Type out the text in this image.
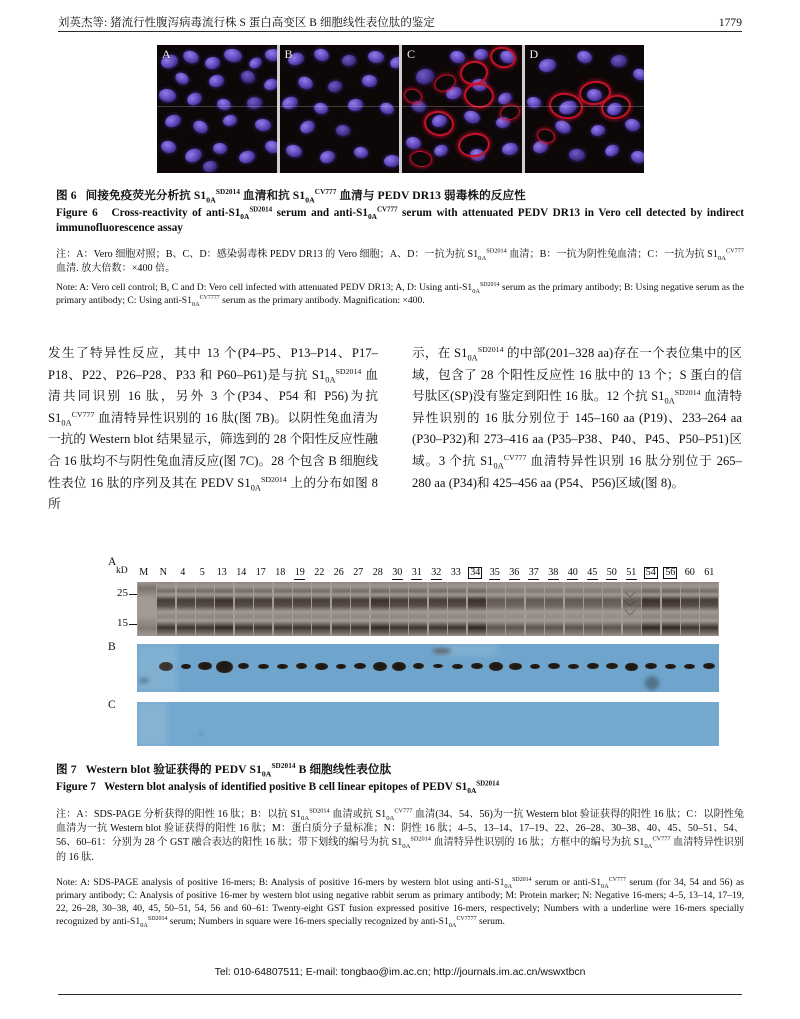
刘英杰等: 猪流行性腹泻病毒流行株 S 蛋白高变区 B 细胞线性表位肽的鉴定	1779
A	B	C	D
图 6 间接免疫荧光分析抗 $S1_{0A}^{SD2014}$ 血清和抗 $S1_{0A}^{CV777}$ 血清与 PEDV DR13 弱毒株的反应性
Figure 6 Cross-reactivity of anti-$S1_{0A}^{SD2014}$ serum and anti-$S1_{0A}^{CV777}$ serum with attenuated PEDV DR13 in Vero cell detected by indirect immunofluorescence assay
注：A：Vero 细胞对照；B、C、D：感染弱毒株 PEDV DR13 的 Vero 细胞；A、D：一抗为抗 $S1_{0A}^{SD2014}$ 血清；B：一抗为阴性兔血清；C：一抗为抗 $S1_{0A}^{CV777}$ 血清. 放大倍数：×400 倍。
Note: A: Vero cell control; B, C and D: Vero cell infected with attenuated PEDV DR13; A, D: Using anti-$S1_{0A}^{SD2014}$ serum as the primary antibody; B: Using negative serum as the primary antibody; C: Using anti-$S1_{0A}^{CV7777}$ serum as the primary antibody. Magnification: ×400.
发生了特异性反应，其中 13 个(P4–P5、P13–P14、P17–P18、P22、P26–P28、P33 和 P60–P61)是与抗 $S1_{0A}^{SD2014}$ 血清共同识别 16 肽，另外 3 个(P34、P54 和 P56)为抗 $S1_{0A}^{CV777}$ 血清特异性识别的 16 肽(图 7B)。以阴性兔血清为一抗的 Western blot 结果显示，筛选到的 28 个阳性反应性融合 16 肽均不与阴性兔血清反应(图 7C)。28 个包含 B 细胞线性表位 16 肽的序列及其在 PEDV $S1_{0A}^{SD2014}$ 上的分布如图 8 所
示，在 $S1_{0A}^{SD2014}$ 的中部(201–328 aa)存在一个表位集中的区域，包含了 28 个阳性反应性 16 肽中的 13 个；S 蛋白的信号肽区(SP)没有鉴定到阳性 16 肽。12 个抗 $S1_{0A}^{SD2014}$ 血清特异性识别的 16 肽分别位于 145–160 aa (P19)、233–264 aa (P30–P32)和 273–416 aa (P35–P38、P40、P45、P50–P51)区域。3 个抗 $S1_{0A}^{CV777}$ 血清特异性识别 16 肽分别位于 265–280 aa (P34)和 425–456 aa (P54、P56)区域(图 8)。
A
kD
25
15
M	N	4	5	13 14 17 18 19 22 26 27 28 30 31 32 33 34 35 36 37 38 40 45 50 51 54 56 60 61
B
C
图 7 Western blot 验证获得的 PEDV $S1_{0A}^{SD2014}$ B 细胞线性表位肽
Figure 7 Western blot analysis of identified positive B cell linear epitopes of PEDV $S1_{0A}^{SD2014}$
注：A：SDS-PAGE 分析获得的阳性 16 肽；B：以抗 $S1_{0A}^{SD2014}$ 血清或抗 $S1_{0A}^{CV777}$ 血清(34、54、56)为一抗 Western blot 验证获得的阳性 16 肽；C：以阴性兔血清为一抗 Western blot 验证获得的阳性 16 肽；M：蛋白质分子量标准；N：阴性 16 肽；4–5、13–14、17–19、22、26–28、30–38、40、45、50–51、54、56、60–61：分别为 28 个 GST 融合表达的阳性 16 肽；带下划线的编号为抗 $S1_{0A}^{SD2014}$ 血清特异性识别的 16 肽；方框中的编号为抗 $S1_{0A}^{CV777}$ 血清特异性识别的 16 肽.
Note: A: SDS-PAGE analysis of positive 16-mers; B: Analysis of positive 16-mers by western blot using anti-$S1_{0A}^{SD2014}$ serum or anti-$S1_{0A}^{CV777}$ serum (for 34, 54 and 56) as primary antibody; C: Analysis of positive 16-mer by western blot using negative rabbit serum as primary antibody; M: Protein marker; N: Negative 16-mers; 4–5, 13–14, 17–19, 22, 26–28, 30–38, 40, 45, 50–51, 54, 56 and 60–61: Twenty-eight GST fusion expressed positive 16-mers, respectively; Numbers with a underline were 16-mers specially recognized by anti-$S1_{0A}^{SD2014}$ serum; Numbers in square were 16-mers specially recognized by anti-$S1_{0A}^{CV7777}$ serum.
Tel: 010-64807511; E-mail: tongbao@im.ac.cn; http://journals.im.ac.cn/wswxtbcn
